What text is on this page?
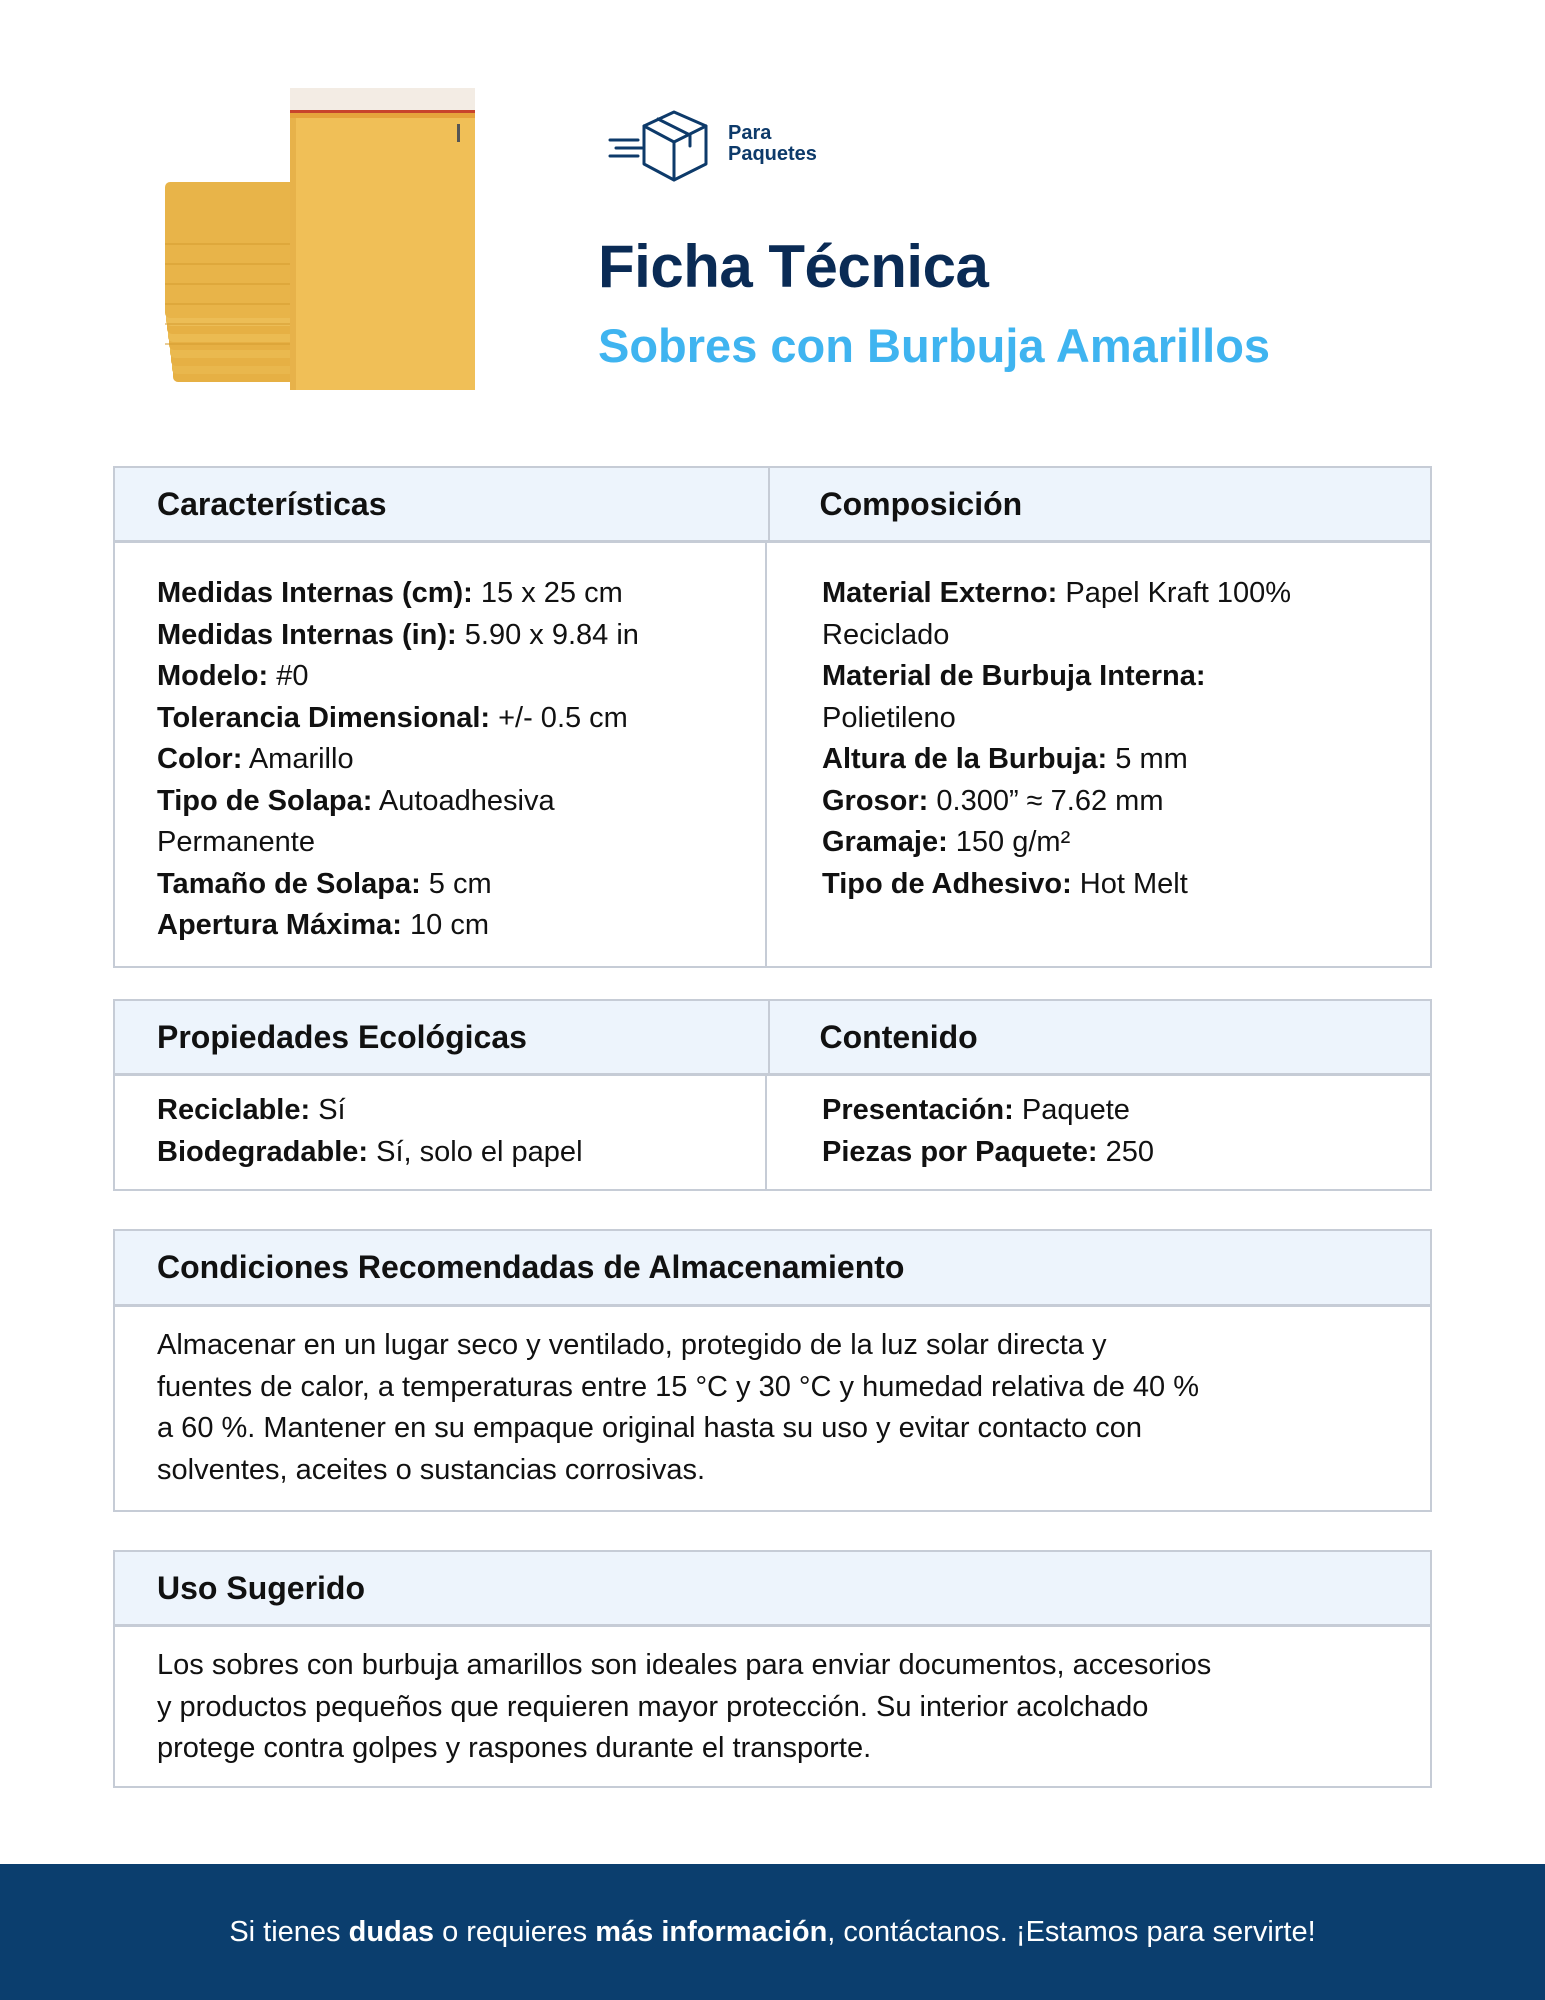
Para
Paquetes
Ficha Técnica
Sobres con Burbuja Amarillos
Características	Composición
Medidas Internas (cm): 15 x 25 cm
Medidas Internas (in): 5.90 x 9.84 in
Modelo: #0
Tolerancia Dimensional: +/- 0.5 cm
Color: Amarillo
Tipo de Solapa: Autoadhesiva Permanente
Tamaño de Solapa: 5 cm
Apertura Máxima: 10 cm
Material Externo: Papel Kraft 100% Reciclado
Material de Burbuja Interna: Polietileno
Altura de la Burbuja: 5 mm
Grosor: 0.300” ≈ 7.62 mm
Gramaje: 150 g/m²
Tipo de Adhesivo: Hot Melt
Propiedades Ecológicas	Contenido
Reciclable: Sí
Biodegradable: Sí, solo el papel
Presentación: Paquete
Piezas por Paquete: 250
Condiciones Recomendadas de Almacenamiento
Almacenar en un lugar seco y ventilado, protegido de la luz solar directa y
fuentes de calor, a temperaturas entre 15 °C y 30 °C y humedad relativa de 40 %
a 60 %. Mantener en su empaque original hasta su uso y evitar contacto con
solventes, aceites o sustancias corrosivas.
Uso Sugerido
Los sobres con burbuja amarillos son ideales para enviar documentos, accesorios
y productos pequeños que requieren mayor protección. Su interior acolchado
protege contra golpes y raspones durante el transporte.
Si tienes dudas o requieres más información, contáctanos. ¡Estamos para servirte!
